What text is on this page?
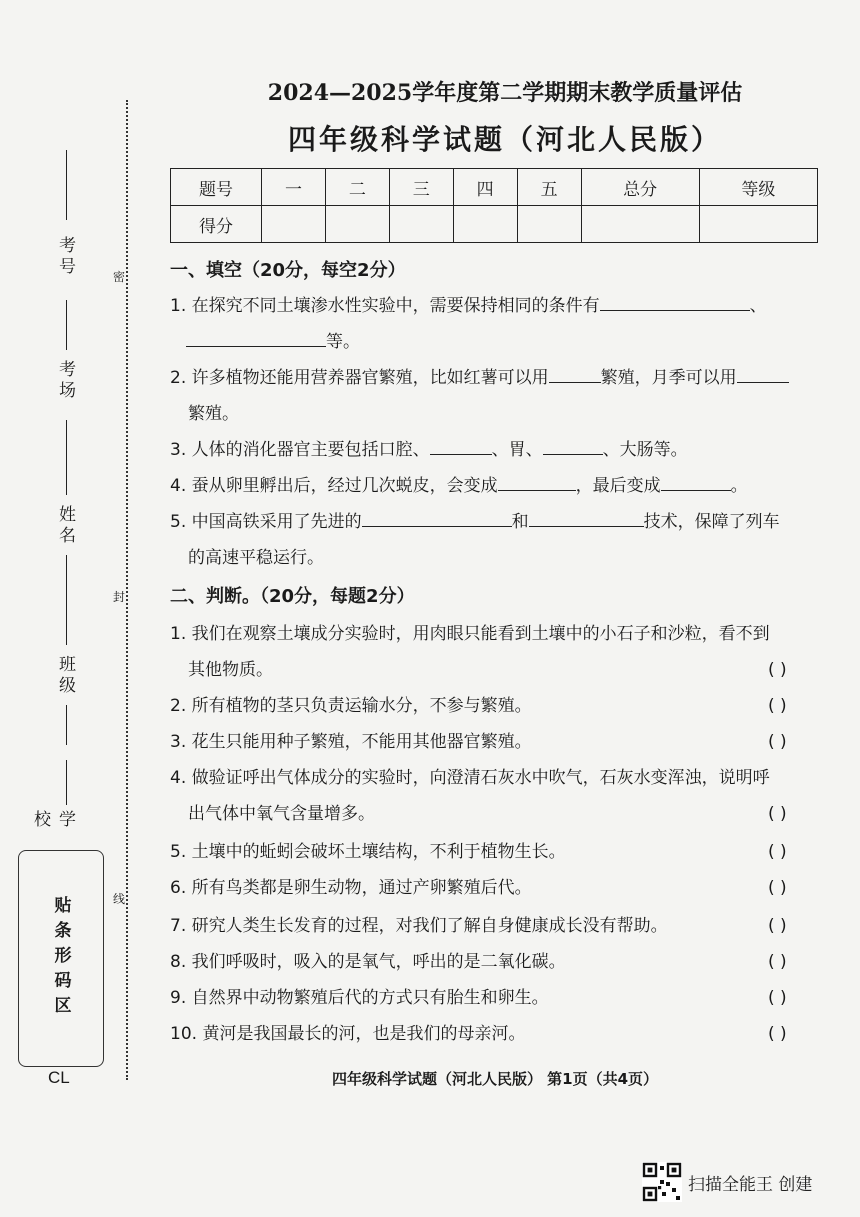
考号
考场
姓名
班级
学校
密
封
线
贴条形码区
CL
2024—2025学年度第二学期期末教学质量评估
四年级科学试题（河北人民版）
题号	一	二	三	四	五	总分	等级
得分							
一、填空（20分，每空2分）
1. 在探究不同土壤渗水性实验中，需要保持相同的条件有	、
等。
2. 许多植物还能用营养器官繁殖，比如红薯可以用	繁殖，月季可以用
繁殖。
3. 人体的消化器官主要包括口腔、	、胃、	、大肠等。
4. 蚕从卵里孵出后，经过几次蜕皮，会变成	，最后变成	。
5. 中国高铁采用了先进的	和	技术，保障了列车
的高速平稳运行。
二、判断。（20分，每题2分）
1. 我们在观察土壤成分实验时，用肉眼只能看到土壤中的小石子和沙粒，看不到
其他物质。	( )
2. 所有植物的茎只负责运输水分，不参与繁殖。	( )
3. 花生只能用种子繁殖，不能用其他器官繁殖。	( )
4. 做验证呼出气体成分的实验时，向澄清石灰水中吹气，石灰水变浑浊，说明呼
出气体中氧气含量增多。	( )
5. 土壤中的蚯蚓会破坏土壤结构，不利于植物生长。	( )
6. 所有鸟类都是卵生动物，通过产卵繁殖后代。	( )
7. 研究人类生长发育的过程，对我们了解自身健康成长没有帮助。	( )
8. 我们呼吸时，吸入的是氧气，呼出的是二氧化碳。	( )
9. 自然界中动物繁殖后代的方式只有胎生和卵生。	( )
10. 黄河是我国最长的河，也是我们的母亲河。	( )
四年级科学试题（河北人民版） 第1页（共4页）
扫描全能王 创建
